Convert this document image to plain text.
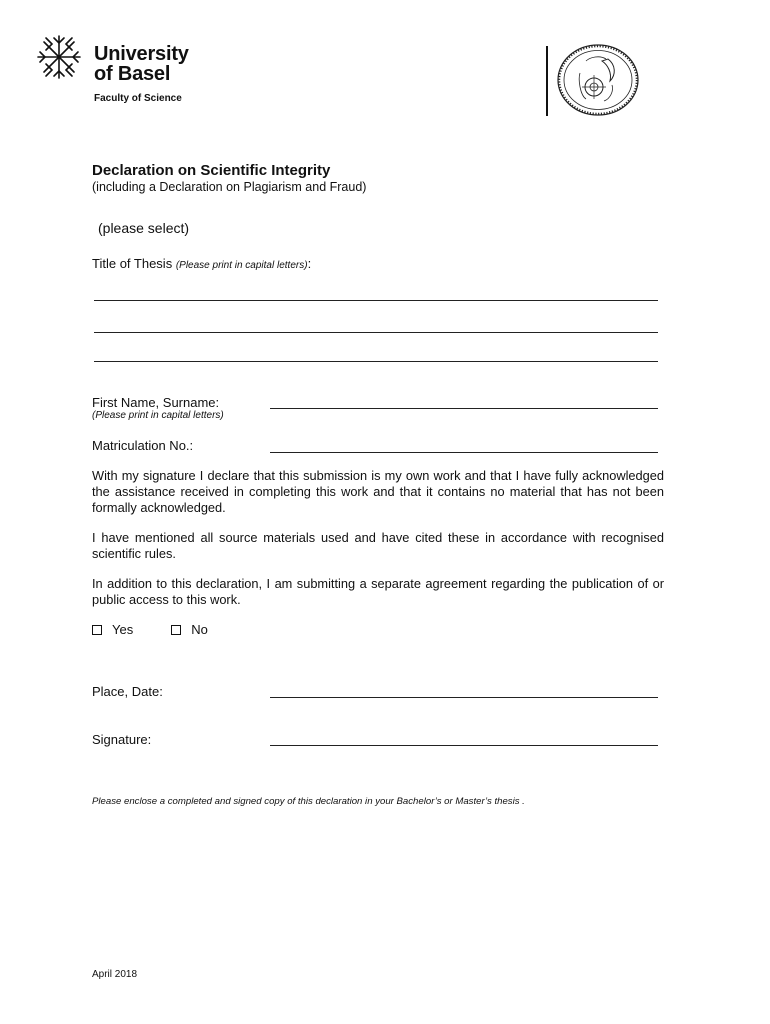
University
of Basel
Faculty of Science
Declaration on Scientific Integrity
(including a Declaration on Plagiarism and Fraud)
(please select)
Title of Thesis (Please print in capital letters):
First Name, Surname:
(Please print in capital letters)
Matriculation No.:
With my signature I declare that this submission is my own work and that I have fully acknowledged the assistance received in completing this work and that it contains no material that has not been formally acknowledged.
I have mentioned all source materials used and have cited these in accordance with recognised scientific rules.
In addition to this declaration, I am submitting a separate agreement regarding the publication of or public access to this work.
Yes	No
Place, Date:
Signature:
Please enclose a completed and signed copy of this declaration in your Bachelor’s or Master’s thesis .
April 2018
